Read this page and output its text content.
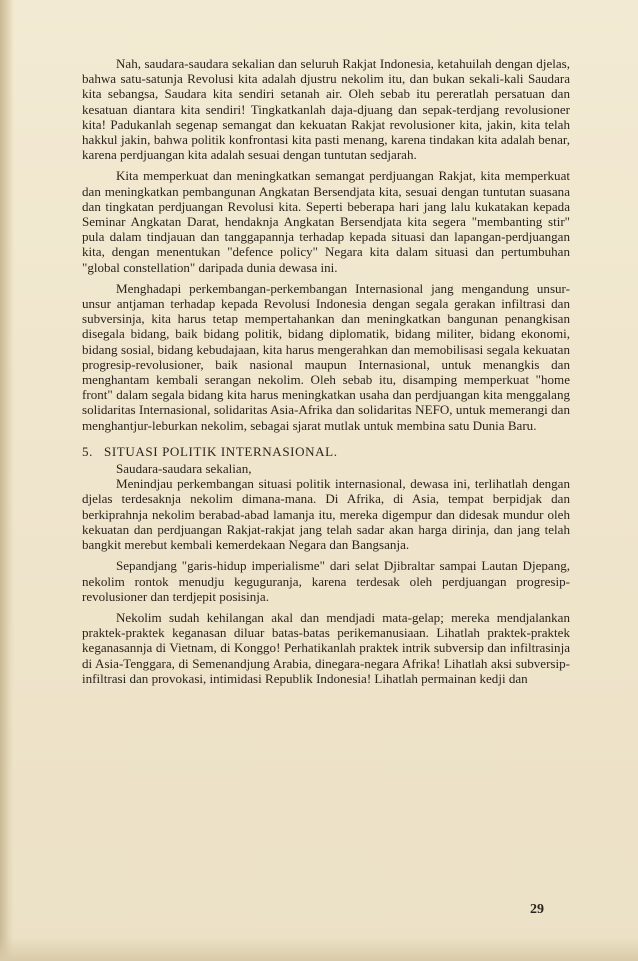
Nah, saudara-saudara sekalian dan seluruh Rakjat Indonesia, ketahuilah dengan djelas, bahwa satu-satunja Revolusi kita adalah djustru nekolim itu, dan bukan sekali-kali Saudara kita sebangsa, Saudara kita sendiri setanah air. Oleh sebab itu pereratlah persatuan dan kesatuan diantara kita sendiri! Tingkatkanlah daja-djuang dan sepak-terdjang revolusioner kita! Padukanlah segenap semangat dan kekuatan Rakjat revolusioner kita, jakin, kita telah hakkul jakin, bahwa politik konfrontasi kita pasti menang, karena tindakan kita adalah benar, karena perdjuangan kita adalah sesuai dengan tuntutan sedjarah.

Kita memperkuat dan meningkatkan semangat perdjuangan Rakjat, kita memperkuat dan meningkatkan pembangunan Angkatan Bersendjata kita, sesuai dengan tuntutan suasana dan tingkatan perdjuangan Revolusi kita. Seperti beberapa hari jang lalu kukatakan kepada Seminar Angkatan Darat, hendaknja Angkatan Bersendjata kita segera "membanting stir" pula dalam tindjauan dan tanggapannja terhadap kepada situasi dan lapangan-perdjuangan kita, dengan menentukan "defence policy" Negara kita dalam situasi dan pertumbuhan "global constellation" daripada dunia dewasa ini.

Menghadapi perkembangan-perkembangan Internasional jang mengandung unsur-unsur antjaman terhadap kepada Revolusi Indonesia dengan segala gerakan infiltrasi dan subversinja, kita harus tetap mempertahankan dan meningkatkan bangunan penangkisan disegala bidang, baik bidang politik, bidang diplomatik, bidang militer, bidang ekonomi, bidang sosial, bidang kebudajaan, kita harus mengerahkan dan memobilisasi segala kekuatan progresip-revolusioner, baik nasional maupun Internasional, untuk menangkis dan menghantam kembali serangan nekolim. Oleh sebab itu, disamping memperkuat "home front" dalam segala bidang kita harus meningkatkan usaha dan perdjuangan kita menggalang solidaritas Internasional, solidaritas Asia-Afrika dan solidaritas NEFO, untuk memerangi dan menghantjur-leburkan nekolim, sebagai sjarat mutlak untuk membina satu Dunia Baru.

5. SITUASI POLITIK INTERNASIONAL.

Saudara-saudara sekalian,

Menindjau perkembangan situasi politik internasional, dewasa ini, terlihatlah dengan djelas terdesaknja nekolim dimana-mana. Di Afrika, di Asia, tempat berpidjak dan berkiprahnja nekolim berabad-abad lamanja itu, mereka digempur dan didesak mundur oleh kekuatan dan perdjuangan Rakjat-rakjat jang telah sadar akan harga dirinja, dan jang telah bangkit merebut kembali kemerdekaan Negara dan Bangsanja.

Sepandjang "garis-hidup imperialisme" dari selat Djibraltar sampai Lautan Djepang, nekolim rontok menudju keguguranja, karena terdesak oleh perdjuangan progresip-revolusioner dan terdjepit posisinja.

Nekolim sudah kehilangan akal dan mendjadi mata-gelap; mereka mendjalankan praktek-praktek keganasan diluar batas-batas perikemanusiaan. Lihatlah praktek-praktek keganasannja di Vietnam, di Konggo! Perhatikanlah praktek intrik subversip dan infiltrasinja di Asia-Tenggara, di Semenandjung Arabia, dinegara-negara Afrika! Lihatlah aksi subversip-infiltrasi dan provokasi, intimidasi Republik Indonesia! Lihatlah permainan kedji dan

29
